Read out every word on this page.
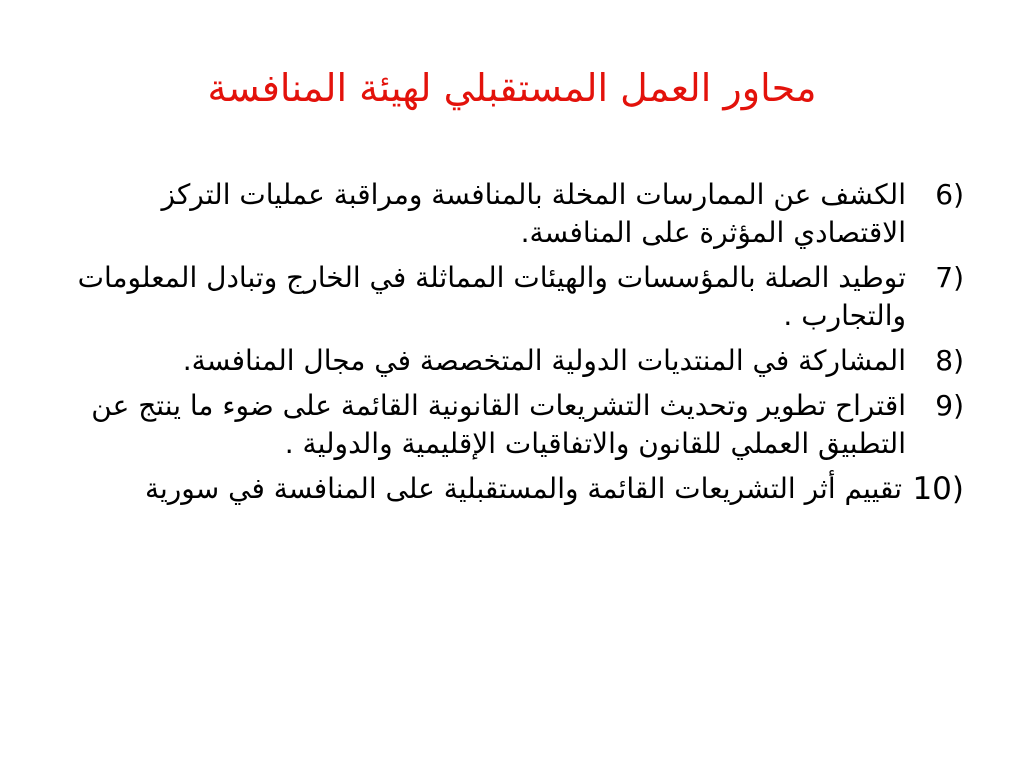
محاور العمل المستقبلي لهيئة المنافسة
6)
الكشف عن الممارسات المخلة بالمنافسة ومراقبة عمليات التركز الاقتصادي المؤثرة على المنافسة.
7)
توطيد الصلة بالمؤسسات والهيئات المماثلة في الخارج وتبادل المعلومات والتجارب .
8)
المشاركة في المنتديات الدولية المتخصصة في مجال المنافسة.
9)
اقتراح تطوير وتحديث التشريعات القانونية القائمة على ضوء ما ينتج عن التطبيق العملي للقانون والاتفاقيات الإقليمية والدولية .
10)
تقييم أثر التشريعات القائمة والمستقبلية على المنافسة في سورية
